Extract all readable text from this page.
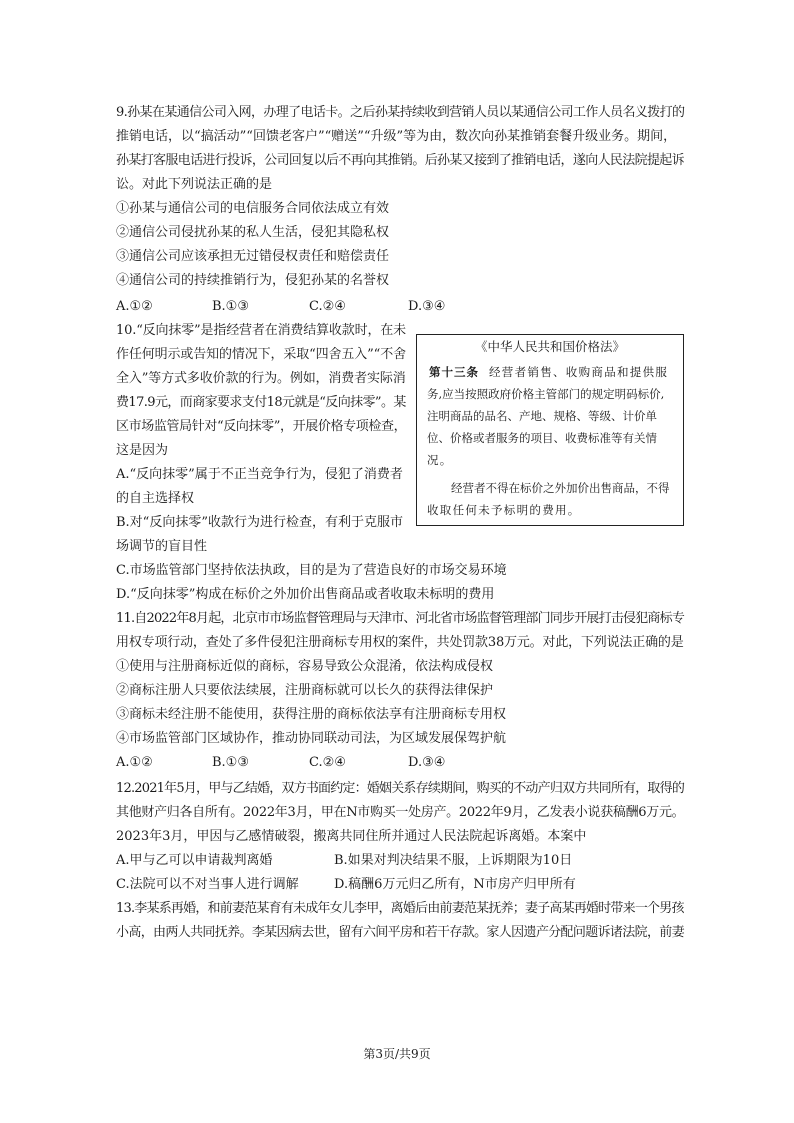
9.孙某在某通信公司入网，办理了电话卡。之后孙某持续收到营销人员以某通信公司工作人员名义拨打的
推销电话，以“搞活动”“回馈老客户”“赠送”“升级”等为由，数次向孙某推销套餐升级业务。期间，
孙某打客服电话进行投诉，公司回复以后不再向其推销。后孙某又接到了推销电话，遂向人民法院提起诉
讼。对此下列说法正确的是
①孙某与通信公司的电信服务合同依法成立有效
②通信公司侵扰孙某的私人生活，侵犯其隐私权
③通信公司应该承担无过错侵权责任和赔偿责任
④通信公司的持续推销行为，侵犯孙某的名誉权
A.①②	B.①③	C.②④	D.③④
10.“反向抹零”是指经营者在消费结算收款时，在未
作任何明示或告知的情况下，采取“四舍五入”“不舍
全入”等方式多收价款的行为。例如，消费者实际消
费17.9元，而商家要求支付18元就是“反向抹零”。某
区市场监管局针对“反向抹零”，开展价格专项检查，
这是因为
A.“反向抹零”属于不正当竞争行为，侵犯了消费者
的自主选择权
B.对“反向抹零”收款行为进行检查，有利于克服市
场调节的盲目性
C.市场监管部门坚持依法执政，目的是为了营造良好的市场交易环境
D.“反向抹零”构成在标价之外加价出售商品或者收取未标明的费用
《中华人民共和国价格法》
第十三条 经营者销售、收购商品和提供服
务,应当按照政府价格主管部门的规定明码标价,
注明商品的品名、产地、规格、等级、计价单
位、价格或者服务的项目、收费标准等有关情
况。
经营者不得在标价之外加价出售商品，不得
收取任何未予标明的费用。
11.自2022年8月起，北京市市场监督管理局与天津市、河北省市场监督管理部门同步开展打击侵犯商标专
用权专项行动，查处了多件侵犯注册商标专用权的案件，共处罚款38万元。对此，下列说法正确的是
①使用与注册商标近似的商标，容易导致公众混淆，依法构成侵权
②商标注册人只要依法续展，注册商标就可以长久的获得法律保护
③商标未经注册不能使用，获得注册的商标依法享有注册商标专用权
④市场监管部门区域协作，推动协同联动司法，为区域发展保驾护航
A.①②	B.①③	C.②④	D.③④
12.2021年5月，甲与乙结婚，双方书面约定：婚姻关系存续期间，购买的不动产归双方共同所有，取得的
其他财产归各自所有。2022年3月，甲在N市购买一处房产。2022年9月，乙发表小说获稿酬6万元。
2023年3月，甲因与乙感情破裂，搬离共同住所并通过人民法院起诉离婚。本案中
A.甲与乙可以申请裁判离婚	B.如果对判决结果不服，上诉期限为10日
C.法院可以不对当事人进行调解	D.稿酬6万元归乙所有，N市房产归甲所有
13.李某系再婚，和前妻范某育有未成年女儿李甲，离婚后由前妻范某抚养；妻子高某再婚时带来一个男孩
小高，由两人共同抚养。李某因病去世，留有六间平房和若干存款。家人因遗产分配问题诉诸法院，前妻
第3页/共9页
